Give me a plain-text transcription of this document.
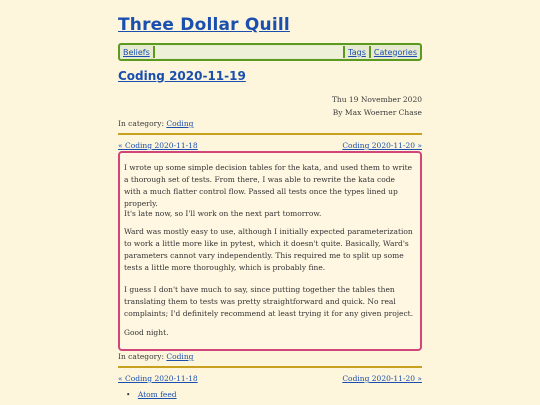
Three Dollar Quill
Beliefs	Tags	Categories
Coding 2020-11-19
Thu 19 November 2020
By Max Woerner Chase
In category: Coding
« Coding 2020-11-18	Coding 2020-11-20 »

I wrote up some simple decision tables for the kata, and used them to write a thorough set of tests. From there, I was able to rewrite the kata code with a much flatter control flow. Passed all tests once the types lined up properly.

It's late now, so I'll work on the next part tomorrow.

Ward was mostly easy to use, although I initially expected parameterization to work a little more like in pytest, which it doesn't quite. Basically, Ward's parameters cannot vary independently. This required me to split up some tests a little more thoroughly, which is probably fine.

I guess I don't have much to say, since putting together the tables then translating them to tests was pretty straightforward and quick. No real complaints; I'd definitely recommend at least trying it for any given project.

Good night.

In category: Coding
« Coding 2020-11-18	Coding 2020-11-20 »
• Atom feed
